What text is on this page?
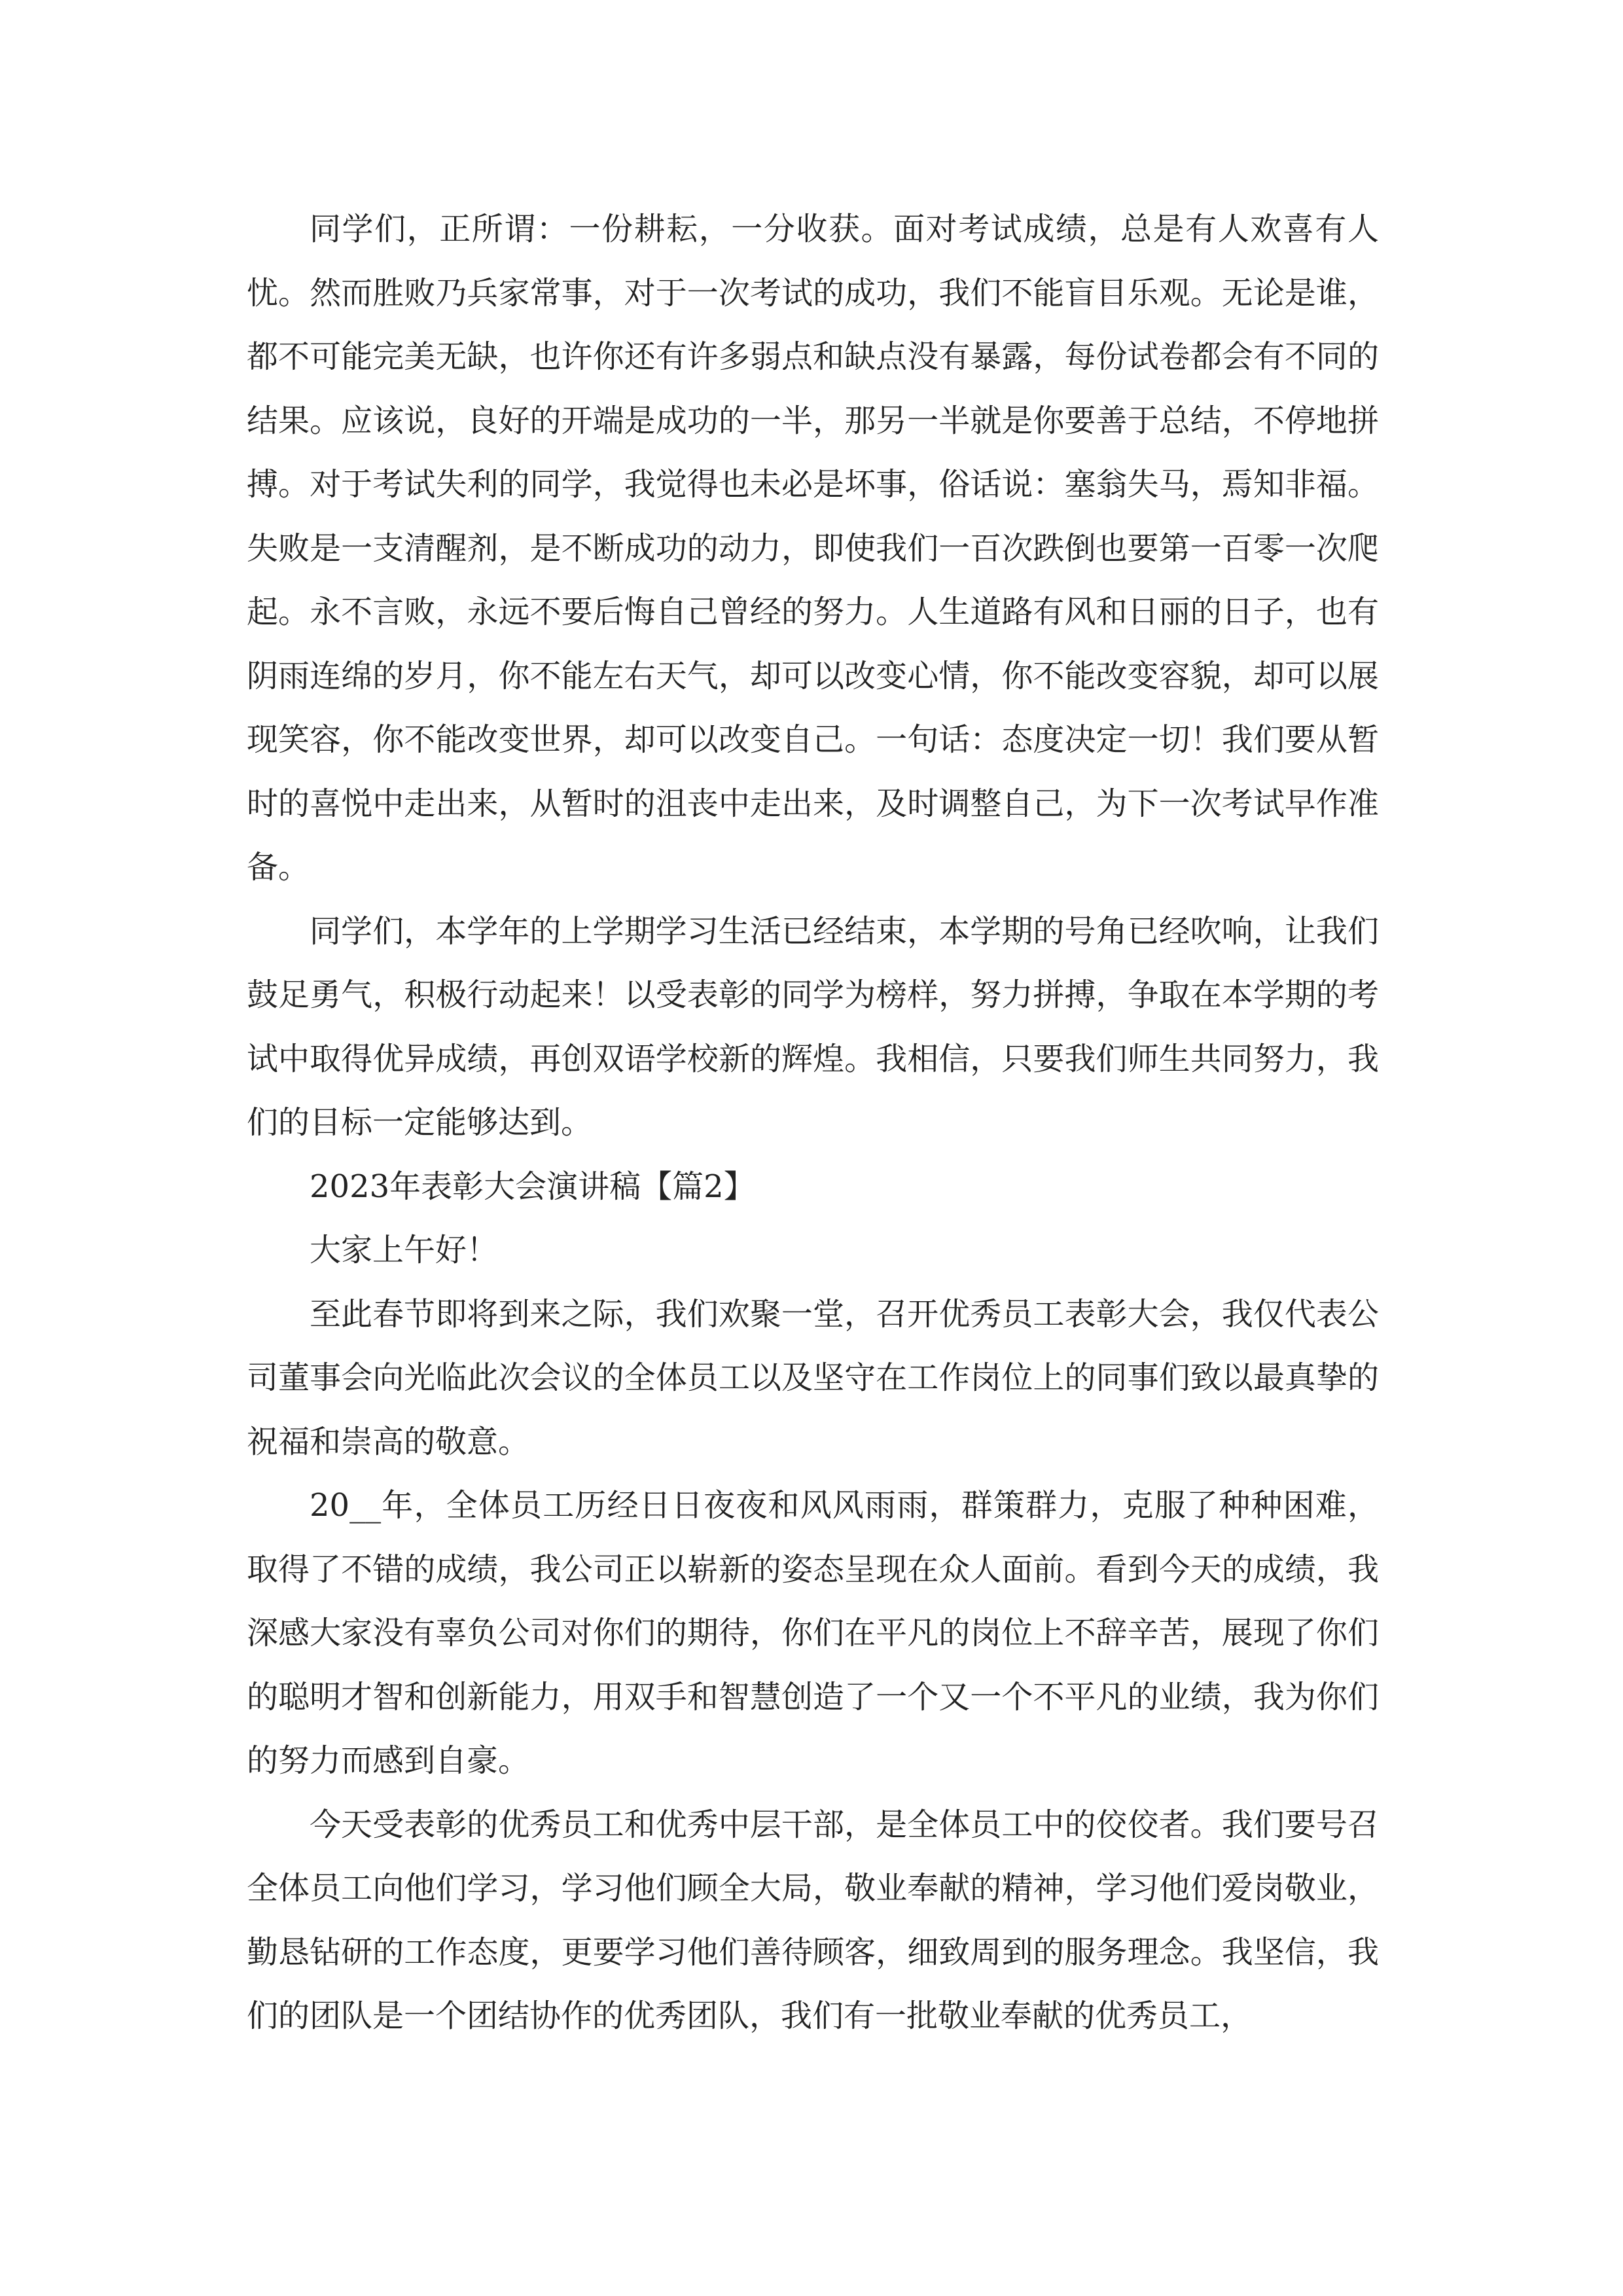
同学们，正所谓：一份耕耘，一分收获。面对考试成绩，总是有人欢喜有人忧。然而胜败乃兵家常事，对于一次考试的成功，我们不能盲目乐观。无论是谁，都不可能完美无缺，也许你还有许多弱点和缺点没有暴露，每份试卷都会有不同的结果。应该说，良好的开端是成功的一半，那另一半就是你要善于总结，不停地拼搏。对于考试失利的同学，我觉得也未必是坏事，俗话说：塞翁失马，焉知非福。失败是一支清醒剂，是不断成功的动力，即使我们一百次跌倒也要第一百零一次爬起。永不言败，永远不要后悔自己曾经的努力。人生道路有风和日丽的日子，也有阴雨连绵的岁月，你不能左右天气，却可以改变心情，你不能改变容貌，却可以展现笑容，你不能改变世界，却可以改变自己。一句话：态度决定一切！我们要从暂时的喜悦中走出来，从暂时的沮丧中走出来，及时调整自己，为下一次考试早作准备。

同学们，本学年的上学期学习生活已经结束，本学期的号角已经吹响，让我们鼓足勇气，积极行动起来！以受表彰的同学为榜样，努力拼搏，争取在本学期的考试中取得优异成绩，再创双语学校新的辉煌。我相信，只要我们师生共同努力，我们的目标一定能够达到。

2023年表彰大会演讲稿【篇2】

大家上午好！

至此春节即将到来之际，我们欢聚一堂，召开优秀员工表彰大会，我仅代表公司董事会向光临此次会议的全体员工以及坚守在工作岗位上的同事们致以最真挚的祝福和崇高的敬意。

20__年，全体员工历经日日夜夜和风风雨雨，群策群力，克服了种种困难，取得了不错的成绩，我公司正以崭新的姿态呈现在众人面前。看到今天的成绩，我深感大家没有辜负公司对你们的期待，你们在平凡的岗位上不辞辛苦，展现了你们的聪明才智和创新能力，用双手和智慧创造了一个又一个不平凡的业绩，我为你们的努力而感到自豪。

今天受表彰的优秀员工和优秀中层干部，是全体员工中的佼佼者。我们要号召全体员工向他们学习，学习他们顾全大局，敬业奉献的精神，学习他们爱岗敬业，勤恳钻研的工作态度，更要学习他们善待顾客，细致周到的服务理念。我坚信，我们的团队是一个团结协作的优秀团队，我们有一批敬业奉献的优秀员工，
